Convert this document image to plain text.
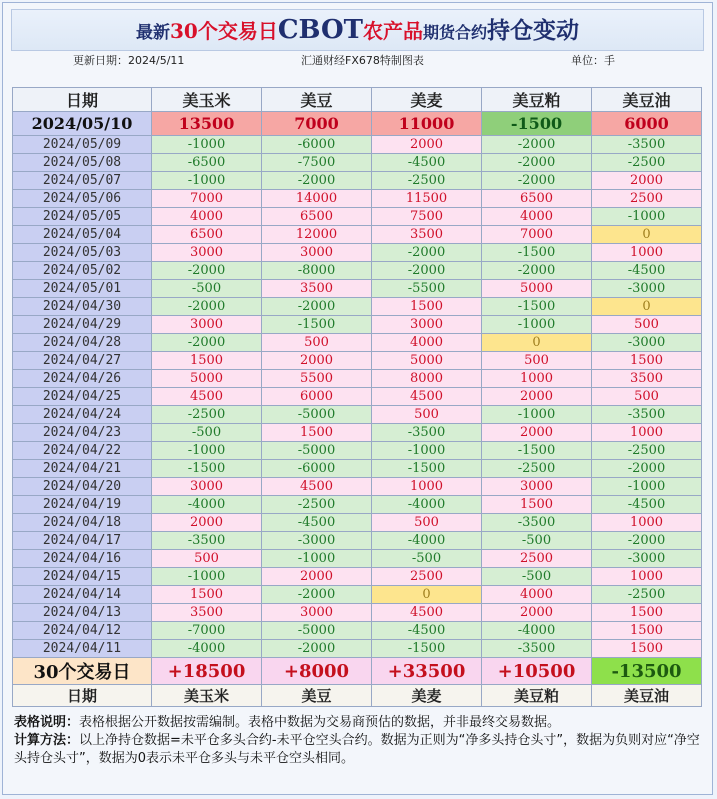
最新30个交易日CBOT农产品期货合约持仓变动
更新日期：2024/5/11	汇通财经FX678特制图表	单位：手
日期	美玉米	美豆	美麦	美豆粕	美豆油
2024/05/10	13500	7000	11000	-1500	6000
2024/05/09	-1000	-6000	2000	-2000	-3500
2024/05/08	-6500	-7500	-4500	-2000	-2500
2024/05/07	-1000	-2000	-2500	-2000	2000
2024/05/06	7000	14000	11500	6500	2500
2024/05/05	4000	6500	7500	4000	-1000
2024/05/04	6500	12000	3500	7000	0
2024/05/03	3000	3000	-2000	-1500	1000
2024/05/02	-2000	-8000	-2000	-2000	-4500
2024/05/01	-500	3500	-5500	5000	-3000
2024/04/30	-2000	-2000	1500	-1500	0
2024/04/29	3000	-1500	3000	-1000	500
2024/04/28	-2000	500	4000	0	-3000
2024/04/27	1500	2000	5000	500	1500
2024/04/26	5000	5500	8000	1000	3500
2024/04/25	4500	6000	4500	2000	500
2024/04/24	-2500	-5000	500	-1000	-3500
2024/04/23	-500	1500	-3500	2000	1000
2024/04/22	-1000	-5000	-1000	-1500	-2500
2024/04/21	-1500	-6000	-1500	-2500	-2000
2024/04/20	3000	4500	1000	3000	-1000
2024/04/19	-4000	-2500	-4000	1500	-4500
2024/04/18	2000	-4500	500	-3500	1000
2024/04/17	-3500	-3000	-4000	-500	-2000
2024/04/16	500	-1000	-500	2500	-3000
2024/04/15	-1000	2000	2500	-500	1000
2024/04/14	1500	-2000	0	4000	-2500
2024/04/13	3500	3000	4500	2000	1500
2024/04/12	-7000	-5000	-4500	-4000	1500
2024/04/11	-4000	-2000	-1500	-3500	1500
30个交易日	+18500	+8000	+33500	+10500	-13500
日期	美玉米	美豆	美麦	美豆粕	美豆油
表格说明：表格根据公开数据按需编制。表格中数据为交易商预估的数据，并非最终交易数据。
计算方法：以上净持仓数据=未平仓多头合约-未平仓空头合约。数据为正则为“净多头持仓头寸”，数据为负则对应“净空头持仓头寸”，数据为0表示未平仓多头与未平仓空头相同。
